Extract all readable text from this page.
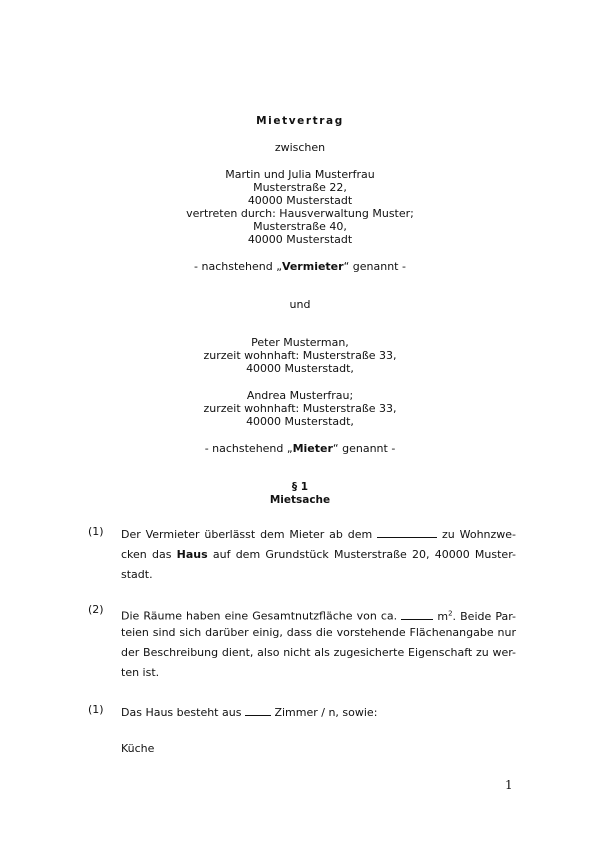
Mietvertrag
zwischen
Martin und Julia Musterfrau
Musterstraße 22,
40000 Musterstadt
vertreten durch: Hausverwaltung Muster;
Musterstraße 40,
40000 Musterstadt
- nachstehend „Vermieter“ genannt -
und
Peter Musterman,
zurzeit wohnhaft: Musterstraße 33,
40000 Musterstadt,
Andrea Musterfrau;
zurzeit wohnhaft: Musterstraße 33,
40000 Musterstadt,
- nachstehend „Mieter“ genannt -
§ 1
Mietsache
(1)	Der Vermieter überlässt dem Mieter ab dem	zu Wohnzwe-
cken das Haus auf dem Grundstück Musterstraße 20, 40000 Muster-
stadt.
(2)
Die Räume haben eine Gesamtnutzfläche von ca.	$m^2$. Beide Par-
teien sind sich darüber einig, dass die vorstehende Flächenangabe nur
der Beschreibung dient, also nicht als zugesicherte Eigenschaft zu wer-
ten ist.
(1)	Das Haus besteht aus	Zimmer / n, sowie:
Küche
1
